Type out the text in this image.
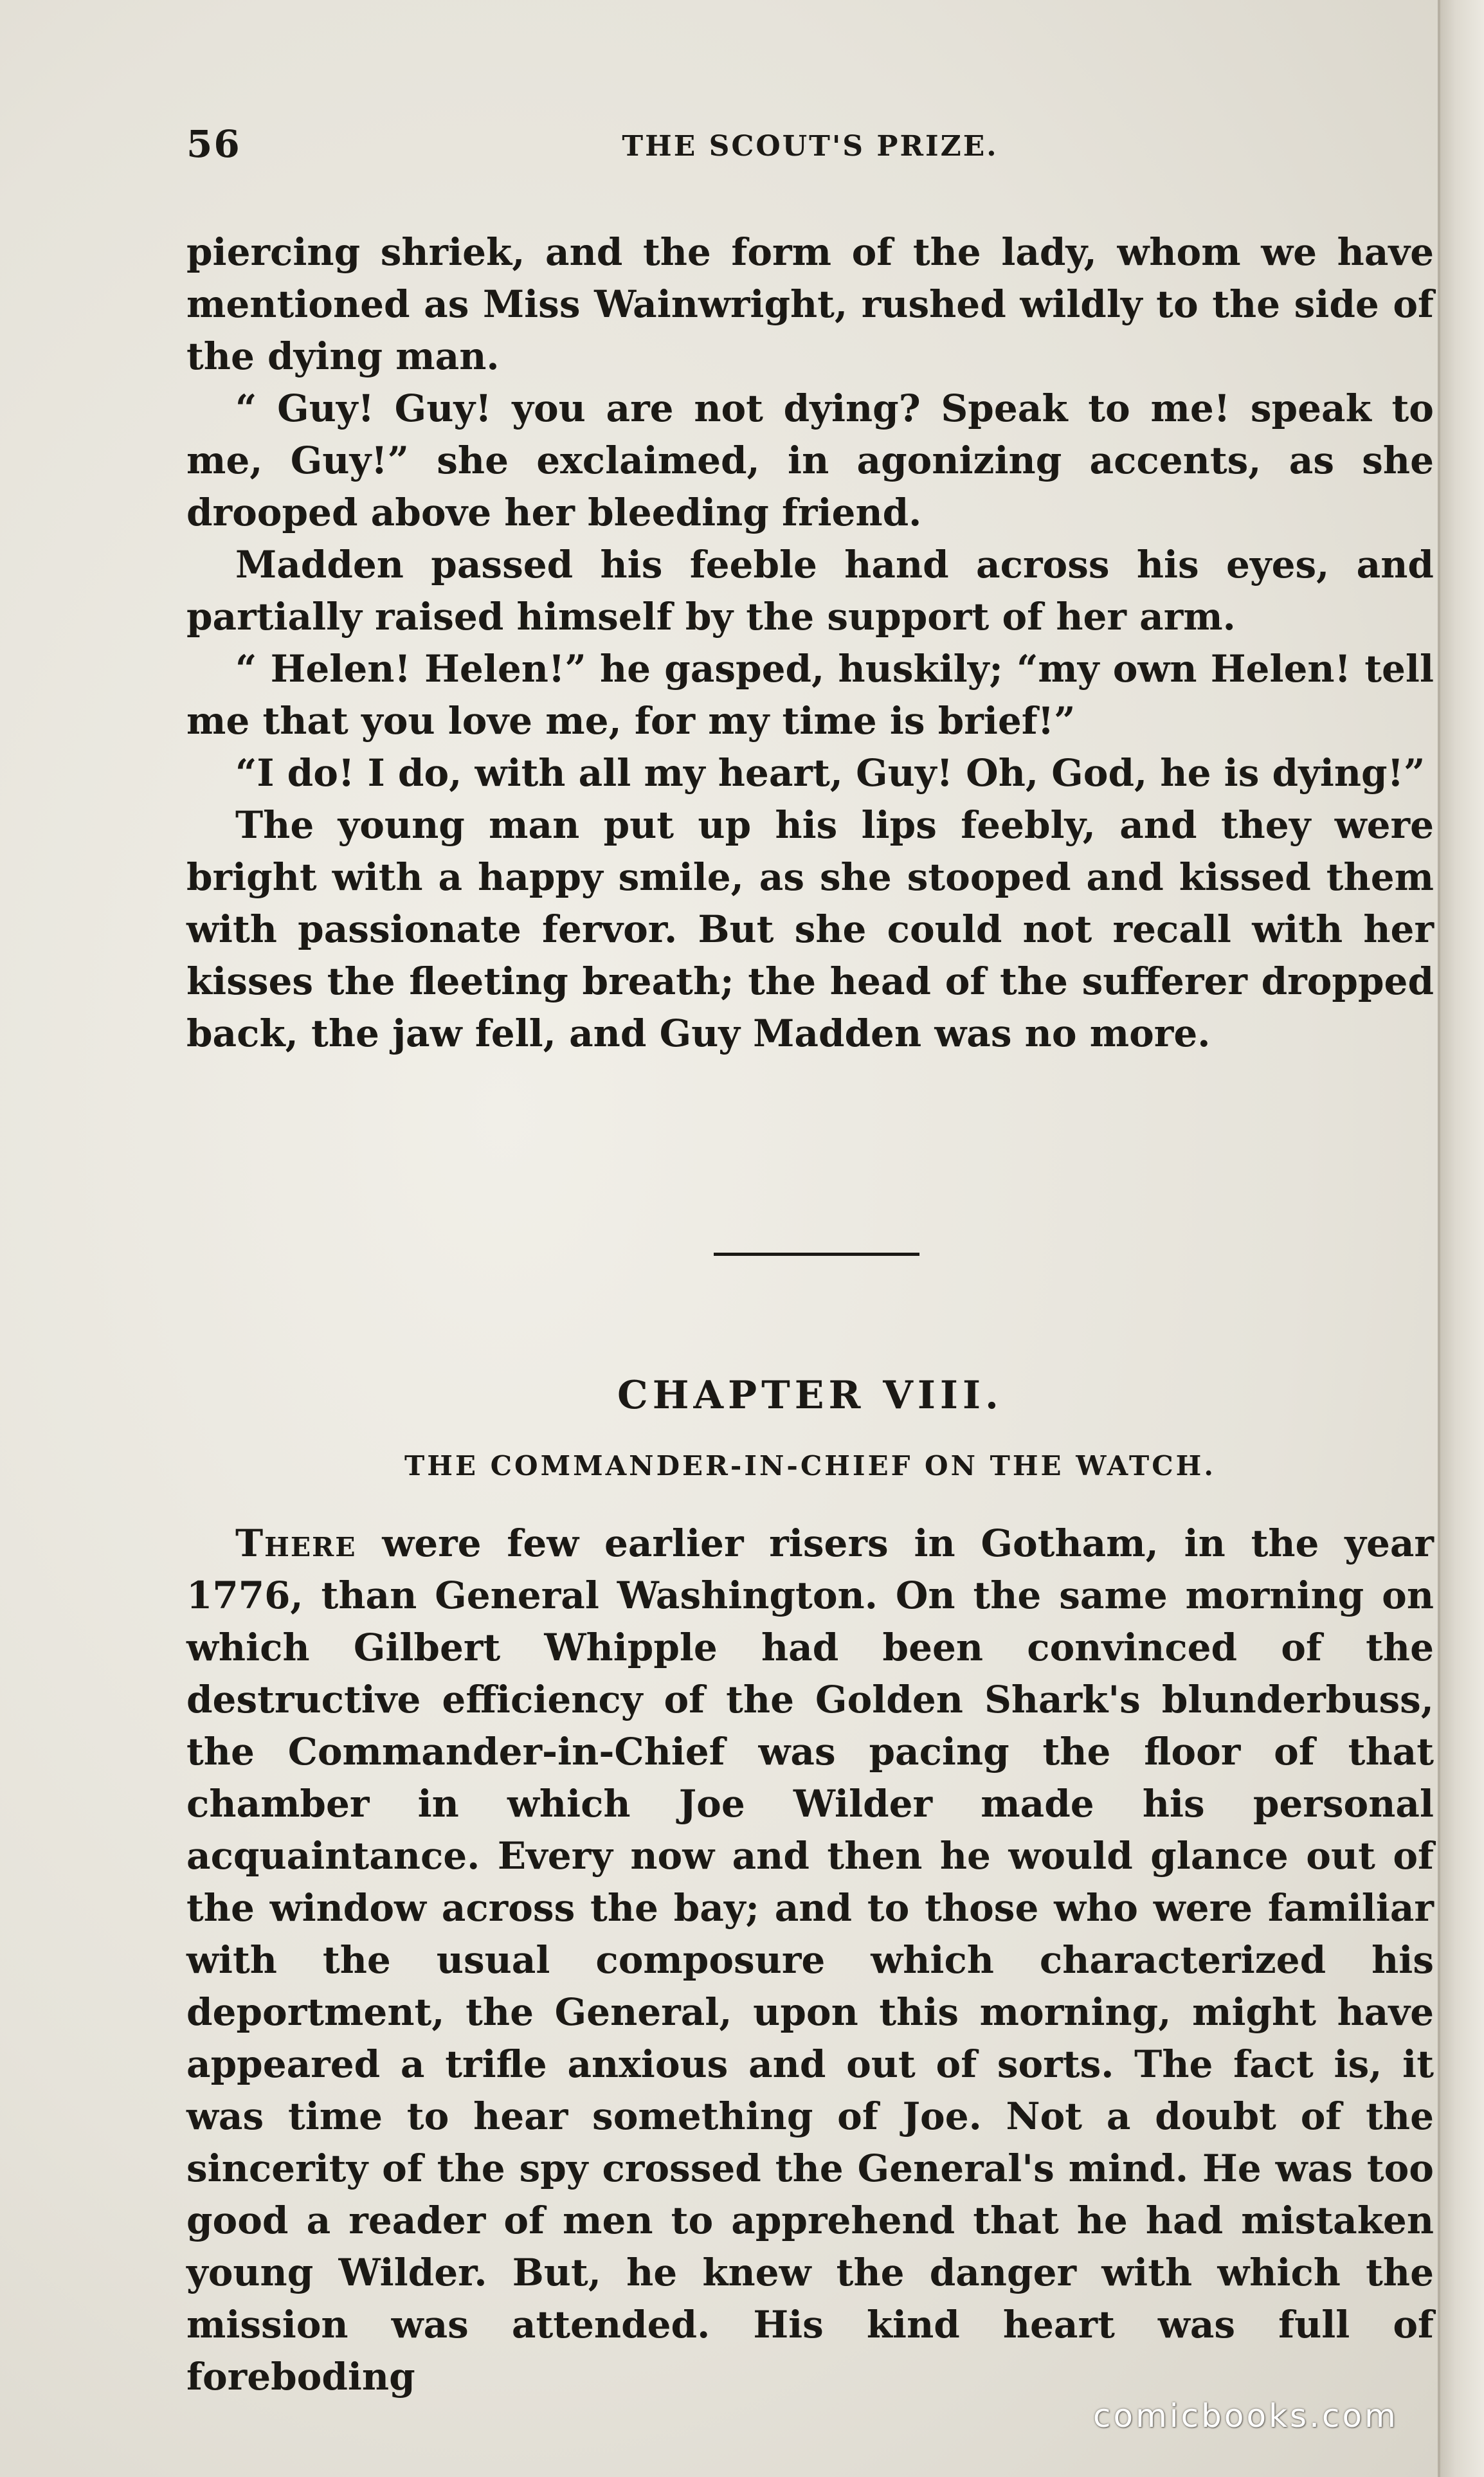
56	THE SCOUT'S PRIZE.

piercing shriek, and the form of the lady, whom we have mentioned as Miss Wainwright, rushed wildly to the side of the dying man.

“ Guy! Guy! you are not dying? Speak to me! speak to me, Guy!” she exclaimed, in agonizing accents, as she drooped above her bleeding friend.

Madden passed his feeble hand across his eyes, and partially raised himself by the support of her arm.

“ Helen! Helen!” he gasped, huskily; “my own Helen! tell me that you love me, for my time is brief!”

“I do! I do, with all my heart, Guy! Oh, God, he is dying!”

The young man put up his lips feebly, and they were bright with a happy smile, as she stooped and kissed them with passionate fervor. But she could not recall with her kisses the fleeting breath; the head of the sufferer dropped back, the jaw fell, and Guy Madden was no more.

CHAPTER VIII.
THE COMMANDER-IN-CHIEF ON THE WATCH.

There were few earlier risers in Gotham, in the year 1776, than General Washington. On the same morning on which Gilbert Whipple had been convinced of the destructive efficiency of the Golden Shark's blunderbuss, the Commander-in-Chief was pacing the floor of that chamber in which Joe Wilder made his personal acquaintance. Every now and then he would glance out of the window across the bay; and to those who were familiar with the usual composure which characterized his deportment, the General, upon this morning, might have appeared a trifle anxious and out of sorts. The fact is, it was time to hear something of Joe. Not a doubt of the sincerity of the spy crossed the General's mind. He was too good a reader of men to apprehend that he had mistaken young Wilder. But, he knew the danger with which the mission was attended. His kind heart was full of foreboding

comicbooks.com
